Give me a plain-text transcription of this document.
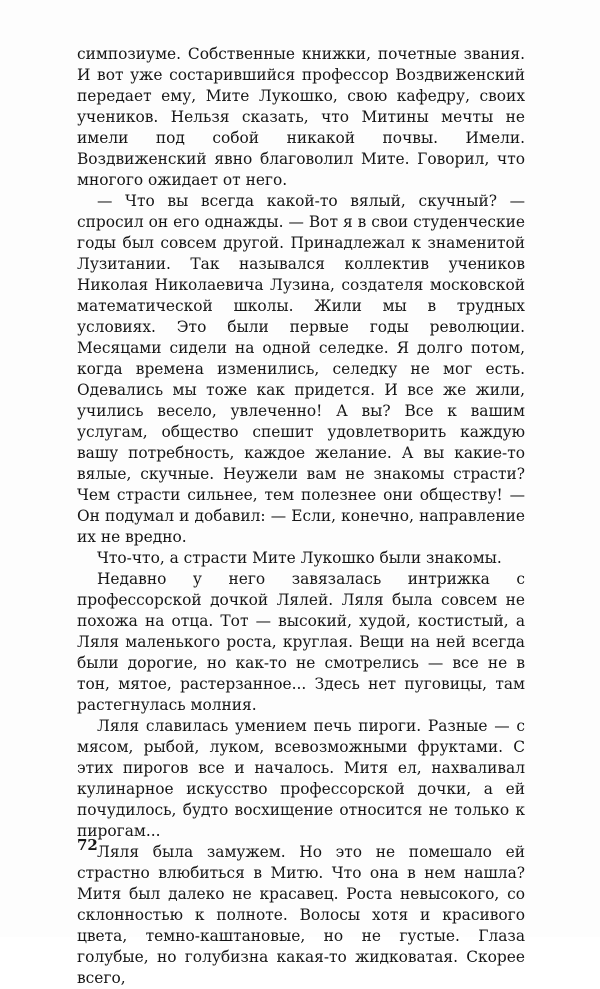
симпозиуме. Собственные книжки, почетные звания. И вот уже состарившийся профессор Воздвиженский передает ему, Мите Лукошко, свою кафедру, своих учеников. Нельзя сказать, что Митины мечты не имели под собой никакой почвы. Имели. Воздвиженский явно благоволил Мите. Говорил, что многого ожидает от него.

— Что вы всегда какой-то вялый, скучный? — спросил он его однажды. — Вот я в свои студенческие годы был совсем другой. Принадлежал к знаменитой Лузитании. Так назывался коллектив учеников Николая Николаевича Лузина, создателя московской математической школы. Жили мы в трудных условиях. Это были первые годы революции. Месяцами сидели на одной селедке. Я долго потом, когда времена изменились, селедку не мог есть. Одевались мы тоже как придется. И все же жили, учились весело, увлеченно! А вы? Все к вашим услугам, общество спешит удовлетворить каждую вашу потребность, каждое желание. А вы какие-то вялые, скучные. Неужели вам не знакомы страсти? Чем страсти сильнее, тем полезнее они обществу! — Он подумал и добавил: — Если, конечно, направление их не вредно.

Что-что, а страсти Мите Лукошко были знакомы.

Недавно у него завязалась интрижка с профессорской дочкой Лялей. Ляля была совсем не похожа на отца. Тот — высокий, худой, костистый, а Ляля маленького роста, круглая. Вещи на ней всегда были дорогие, но как-то не смотрелись — все не в тон, мятое, растерзанное... Здесь нет пуговицы, там растегнулась молния.

Ляля славилась умением печь пироги. Разные — с мясом, рыбой, луком, всевозможными фруктами. С этих пирогов все и началось. Митя ел, нахваливал кулинарное искусство профессорской дочки, а ей почудилось, будто восхищение относится не только к пирогам...

Ляля была замужем. Но это не помешало ей страстно влюбиться в Митю. Что она в нем нашла? Митя был далеко не красавец. Роста невысокого, со склонностью к полноте. Волосы хотя и красивого цвета, темно-каштановые, но не густые. Глаза голубые, но голубизна какая-то жидковатая. Скорее всего,

72
